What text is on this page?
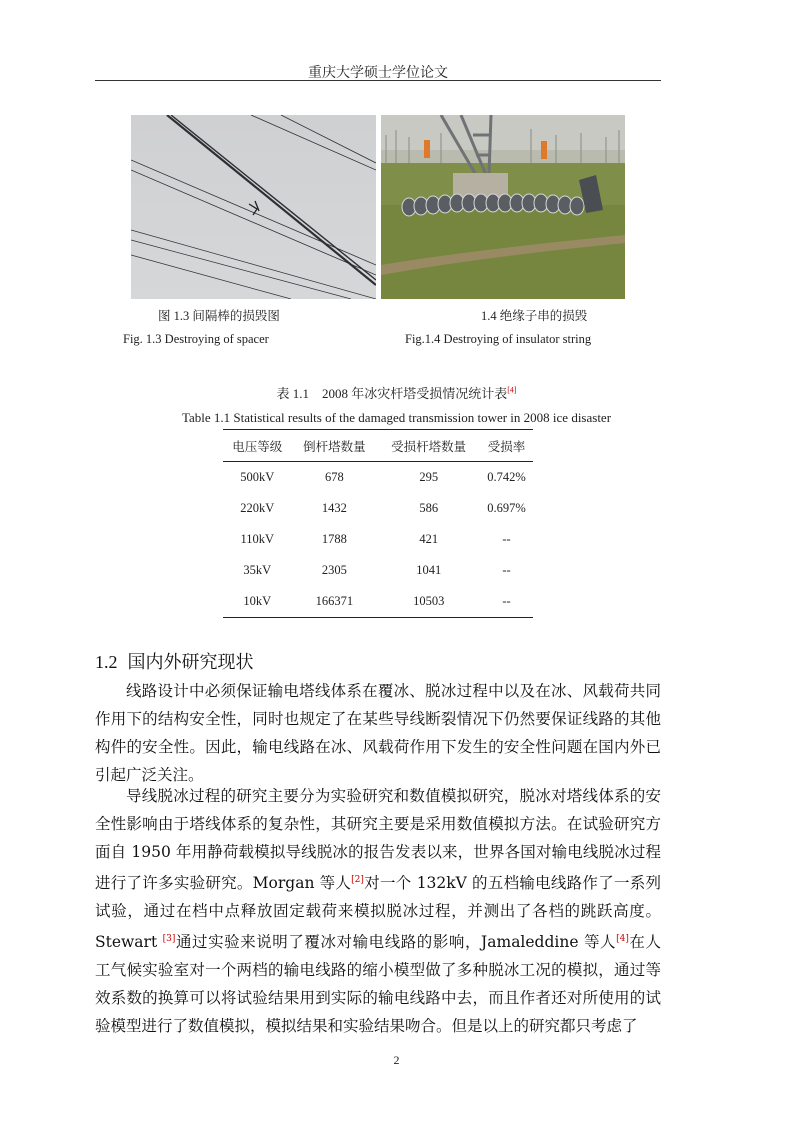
重庆大学硕士学位论文
图 1.3 间隔棒的损毁图	1.4 绝缘子串的损毁
Fig. 1.3 Destroying of spacer	Fig.1.4 Destroying of insulator string
表 1.1　2008 年冰灾杆塔受损情况统计表[4]
Table 1.1 Statistical results of the damaged transmission tower in 2008 ice disaster
电压等级	倒杆塔数量	受损杆塔数量	受损率
500kV	678	295	0.742%
220kV	1432	586	0.697%
110kV	1788	421	--
35kV	2305	1041	--
10kV	166371	10503	--
1.2 国内外研究现状

线路设计中必须保证输电塔线体系在覆冰、脱冰过程中以及在冰、风载荷共同作用下的结构安全性，同时也规定了在某些导线断裂情况下仍然要保证线路的其他构件的安全性。因此，输电线路在冰、风载荷作用下发生的安全性问题在国内外已引起广泛关注。

导线脱冰过程的研究主要分为实验研究和数值模拟研究，脱冰对塔线体系的安全性影响由于塔线体系的复杂性，其研究主要是采用数值模拟方法。在试验研究方面自 1950 年用静荷载模拟导线脱冰的报告发表以来，世界各国对输电线脱冰过程进行了许多实验研究。Morgan 等人[2]对一个 132kV 的五档输电线路作了一系列试验，通过在档中点释放固定载荷来模拟脱冰过程，并测出了各档的跳跃高度。Stewart [3]通过实验来说明了覆冰对输电线路的影响，Jamaleddine 等人[4]在人工气候实验室对一个两档的输电线路的缩小模型做了多种脱冰工况的模拟，通过等效系数的换算可以将试验结果用到实际的输电线路中去，而且作者还对所使用的试验模型进行了数值模拟，模拟结果和实验结果吻合。但是以上的研究都只考虑了

2
